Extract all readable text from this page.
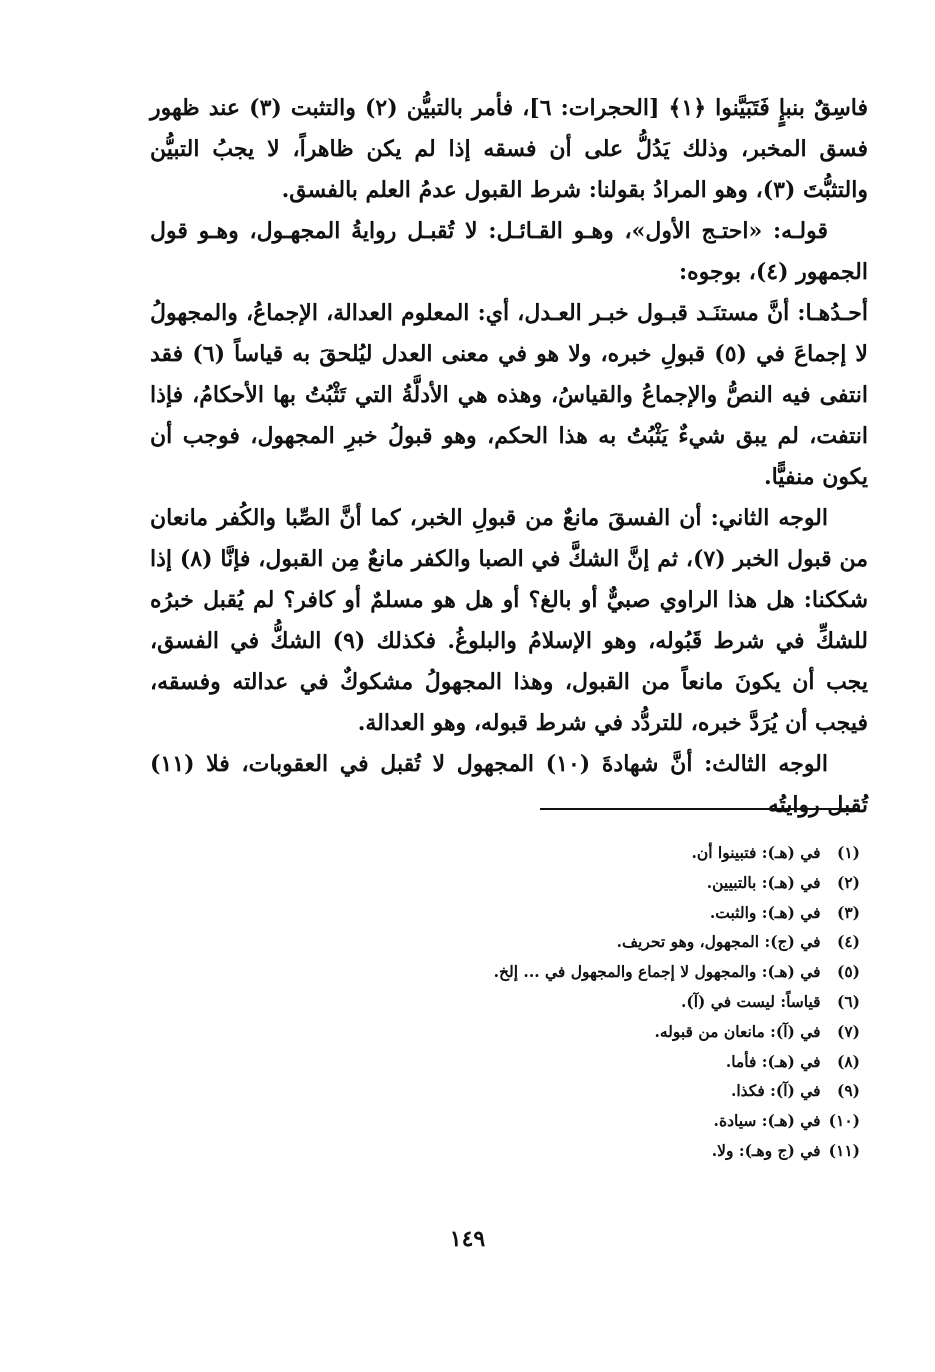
فاسِقٌ بنبإٍ فَتَبَيَّنوا ﴿١﴾ [الحجرات: ٦]، فأمر بالتبيُّن (٢) والتثبت (٣) عند ظهور فسق المخبر، وذلك يَدُلُّ على أن فسقه إذا لم يكن ظاهراً، لا يجبُ التبيُّن والتثبُّتَ (٣)، وهو المرادُ بقولنا: شرط القبول عدمُ العلم بالفسق.

قولـه: «احتـج الأول»، وهـو القـائـل: لا تُقبـل روايةُ المجهـول، وهـو قول الجمهور (٤)، بوجوه:

أحـدُهـا: أنَّ مستنَـد قبـول خبـر العـدل، أي: المعلوم العدالة، الإجماعُ، والمجهولُ لا إجماعَ في (٥) قبولِ خبره، ولا هو في معنى العدل ليُلحقَ به قياساً (٦) فقد انتفى فيه النصُّ والإجماعُ والقياسُ، وهذه هي الأدلَّةُ التي تَثْبُتُ بها الأحكامُ، فإذا انتفت، لم يبق شيءٌ يَثْبُتُ به هذا الحكم، وهو قبولُ خبرِ المجهول، فوجب أن يكون منفيًّا.

الوجه الثاني: أن الفسقَ مانعٌ من قبولِ الخبر، كما أنَّ الصِّبا والكُفر مانعان من قبول الخبر (٧)، ثم إنَّ الشكَّ في الصبا والكفر مانعٌ مِن القبول، فإنَّا (٨) إذا شككنا: هل هذا الراوي صبيٌّ أو بالغ؟ أو هل هو مسلمٌ أو كافر؟ لم يُقبل خبرُه للشكِّ في شرط قَبُوله، وهو الإسلامُ والبلوغُ. فكذلك (٩) الشكُّ في الفسق، يجب أن يكونَ مانعاً من القبول، وهذا المجهولُ مشكوكٌ في عدالته وفسقه، فيجب أن يُرَدَّ خبره، للتردُّد في شرط قبوله، وهو العدالة.

الوجه الثالث: أنَّ شهادةَ (١٠) المجهول لا تُقبل في العقوبات، فلا (١١) تُقبل روايتُه

(١) في (هـ): فتبينوا أن.
(٢) في (هـ): بالتبيين.
(٣) في (هـ): والثبت.
(٤) في (ج): المجهول، وهو تحريف.
(٥) في (هـ): والمجهول لا إجماع والمجهول في ... إلخ.
(٦) قياساً: ليست في (آ).
(٧) في (آ): مانعان من قبوله.
(٨) في (هـ): فأما.
(٩) في (آ): فكذا.
(١٠) في (هـ): سيادة.
(١١) في (ج وهـ): ولا.
١٤٩
